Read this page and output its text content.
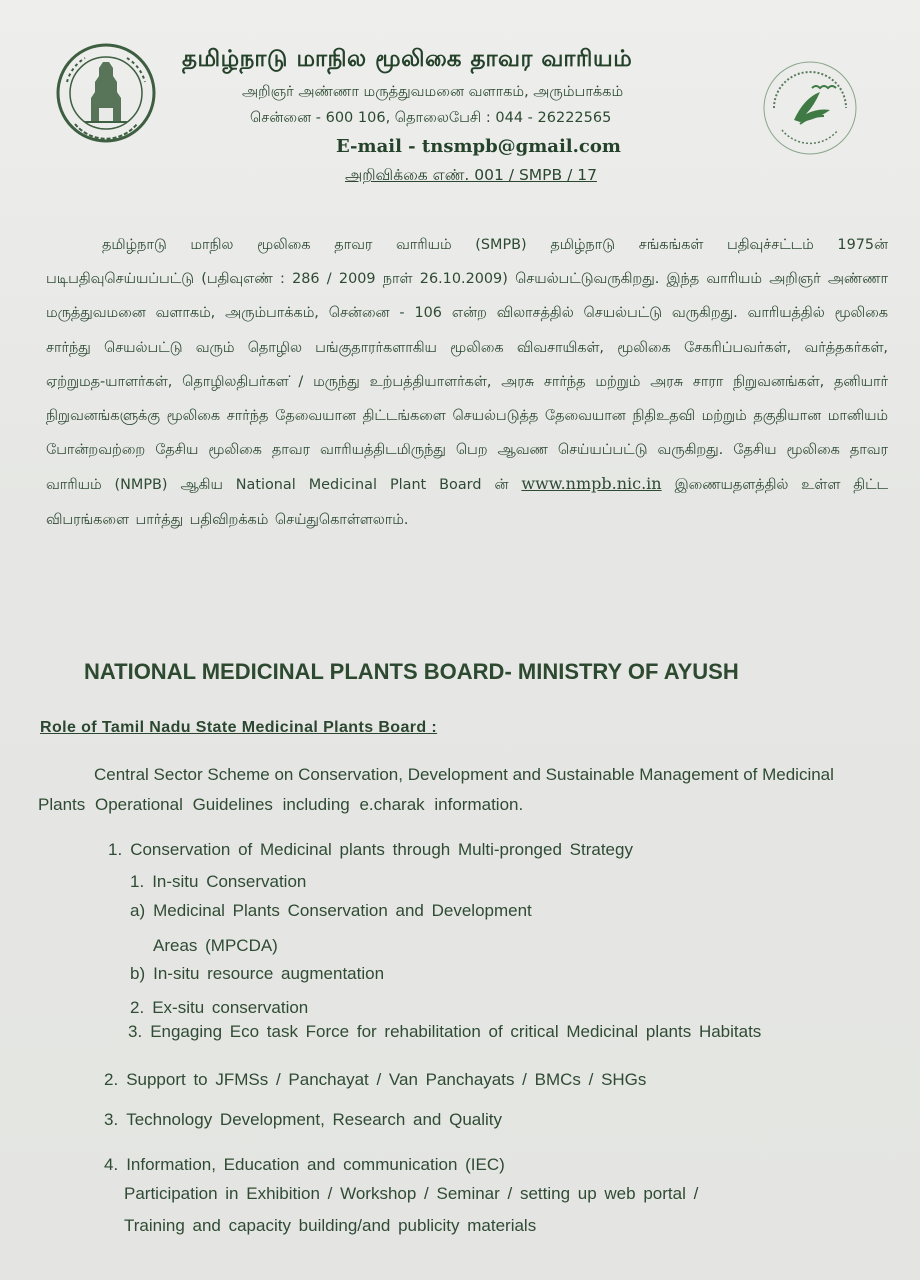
தமிழ்நாடு மாநில மூலிகை தாவர வாரியம்
அறிஞர் அண்ணா மருத்துவமனை வளாகம், அரும்பாக்கம்
சென்னை - 600 106, தொலைபேசி : 044 - 26222565
E-mail - tnsmpb@gmail.com
அறிவிக்கை எண். 001 / SMPB / 17
தமிழ்நாடு மாநில மூலிகை தாவர வாரியம் (SMPB) தமிழ்நாடு சங்கங்கள் பதிவுச்சட்டம் 1975ன் படிபதிவுசெய்யப்பட்டு (பதிவுஎண் : 286 / 2009 நாள் 26.10.2009) செயல்பட்டுவருகிறது. இந்த வாரியம் அறிஞர் அண்ணா மருத்துவமனை வளாகம், அரும்பாக்கம், சென்னை - 106 என்ற விலாசத்தில் செயல்பட்டு வருகிறது. வாரியத்தில் மூலிகை சார்ந்து செயல்பட்டு வரும் தொழில பங்குதாரர்களாகிய மூலிகை விவசாயிகள், மூலிகை சேகரிப்பவர்கள், வர்த்தகர்கள், ஏற்றுமத-யாளர்கள், தொழிலதிபர்கள ̇/ மருந்து உற்பத்தியாளர்கள், அரசு சார்ந்த மற்றும் அரசு சாரா நிறுவனங்கள், தனியார் நிறுவனங்களுக்கு மூலிகை சார்ந்த தேவையான திட்டங்களை செயல்படுத்த தேவையான நிதிஉதவி மற்றும் தகுதியான மானியம் போன்றவற்றை தேசிய மூலிகை தாவர வாரியத்திடமிருந்து பெற ஆவண செய்யப்பட்டு வருகிறது. தேசிய மூலிகை தாவர வாரியம் (NMPB) ஆகிய National Medicinal Plant Board ன் www.nmpb.nic.in இணையதளத்தில் உள்ள திட்ட விபரங்களை பார்த்து பதிவிறக்கம் செய்துகொள்ளலாம்.
NATIONAL MEDICINAL PLANTS BOARD- MINISTRY OF AYUSH
Role of Tamil Nadu State Medicinal Plants Board :
Central Sector Scheme on Conservation, Development and Sustainable Management of Medicinal
Plants Operational Guidelines including e.charak information.
1. Conservation of Medicinal plants through Multi-pronged Strategy
1. In-situ Conservation
a) Medicinal Plants Conservation and Development
Areas (MPCDA)
b) In-situ resource augmentation
2. Ex-situ conservation
3. Engaging Eco task Force for rehabilitation of critical Medicinal plants Habitats
2. Support to JFMSs / Panchayat / Van Panchayats / BMCs / SHGs
3. Technology Development, Research and Quality
4. Information, Education and communication (IEC)
Participation in Exhibition / Workshop / Seminar / setting up web portal /
Training and capacity building/and publicity materials
